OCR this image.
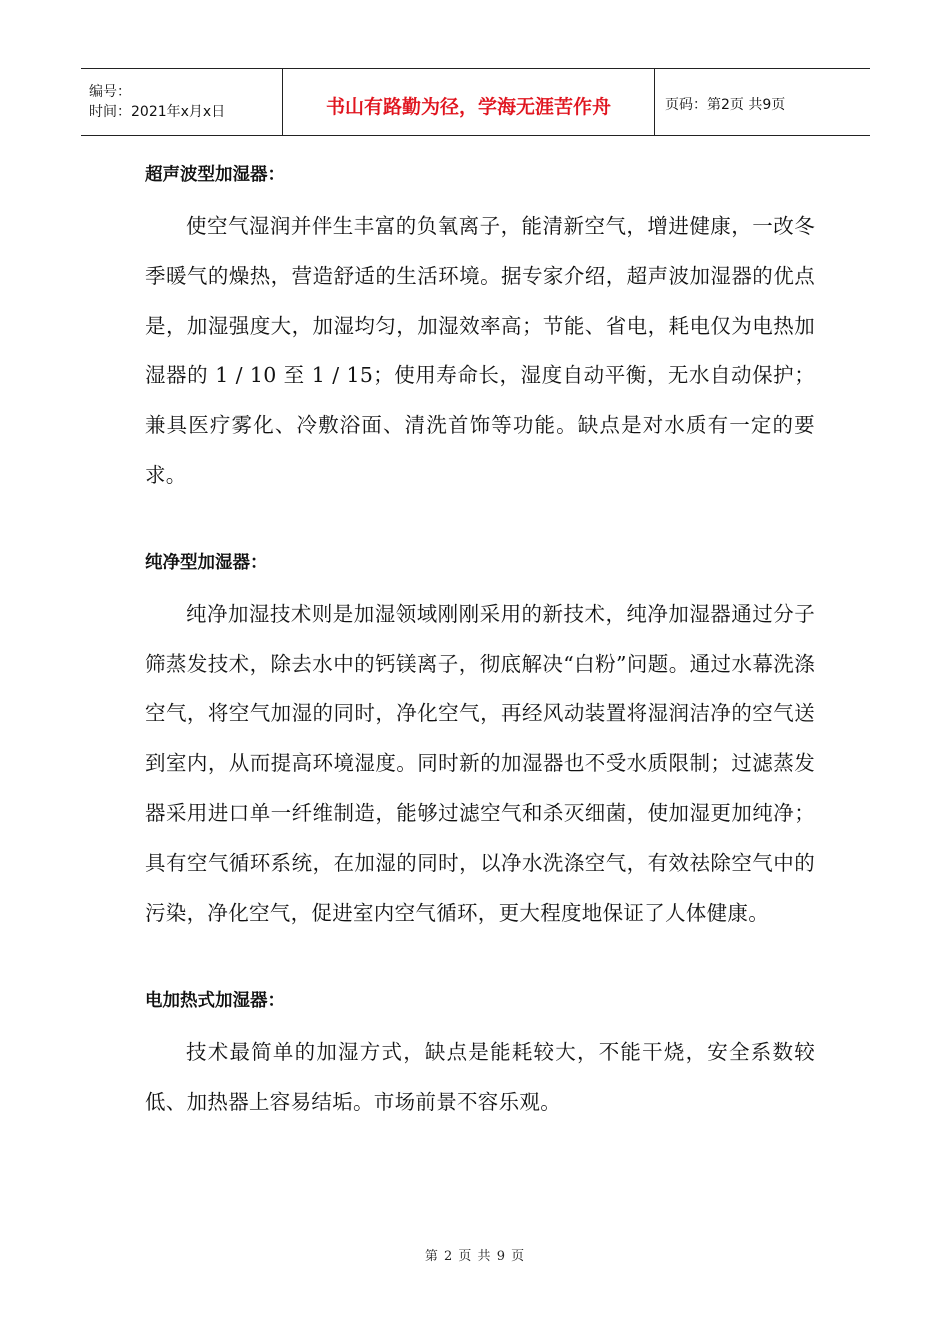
编号：
时间：2021年x月x日	书山有路勤为径，学海无涯苦作舟	页码：第2页 共9页
超声波型加湿器：

使空气湿润并伴生丰富的负氧离子，能清新空气，增进健康，一改冬季暖气的燥热，营造舒适的生活环境。据专家介绍，超声波加湿器的优点是，加湿强度大，加湿均匀，加湿效率高；节能、省电，耗电仅为电热加湿器的 1 / 10 至 1 / 15；使用寿命长，湿度自动平衡，无水自动保护；兼具医疗雾化、冷敷浴面、清洗首饰等功能。缺点是对水质有一定的要求。

纯净型加湿器：

纯净加湿技术则是加湿领域刚刚采用的新技术，纯净加湿器通过分子筛蒸发技术，除去水中的钙镁离子，彻底解决“白粉”问题。通过水幕洗涤空气，将空气加湿的同时，净化空气，再经风动装置将湿润洁净的空气送到室内，从而提高环境湿度。同时新的加湿器也不受水质限制；过滤蒸发器采用进口单一纤维制造，能够过滤空气和杀灭细菌，使加湿更加纯净；具有空气循环系统，在加湿的同时，以净水洗涤空气，有效祛除空气中的污染，净化空气，促进室内空气循环，更大程度地保证了人体健康。

电加热式加湿器：

技术最简单的加湿方式，缺点是能耗较大，不能干烧，安全系数较低、加热器上容易结垢。市场前景不容乐观。

第 2 页 共 9 页
